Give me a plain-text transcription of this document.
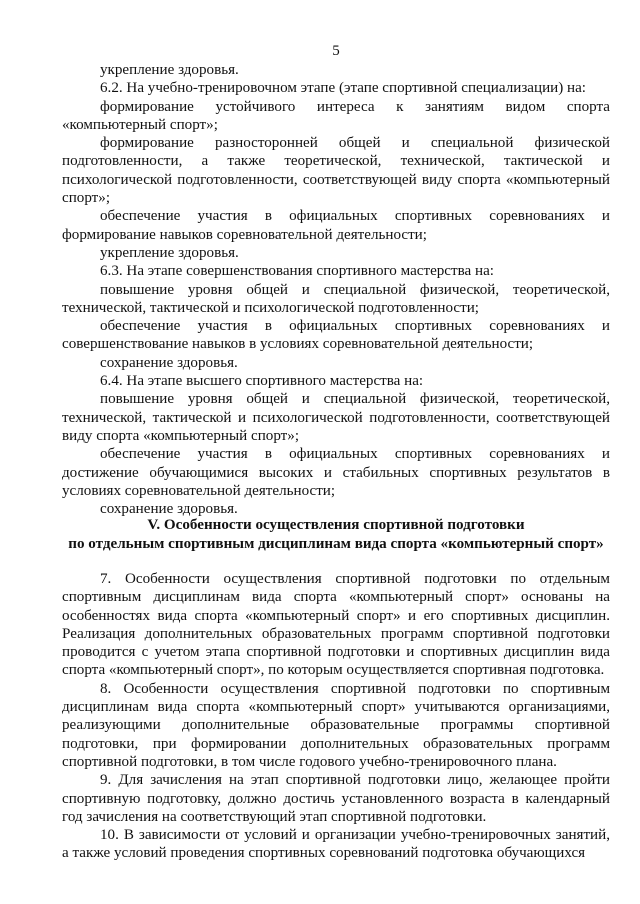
5

укрепление здоровья.

6.2. На учебно-тренировочном этапе (этапе спортивной специализации) на:

формирование устойчивого интереса к занятиям видом спорта «компьютерный спорт»;

формирование разносторонней общей и специальной физической подготовленности, а также теоретической, технической, тактической и психологической подготовленности, соответствующей виду спорта «компьютерный спорт»;

обеспечение участия в официальных спортивных соревнованиях и формирование навыков соревновательной деятельности;

укрепление здоровья.

6.3. На этапе совершенствования спортивного мастерства на:

повышение уровня общей и специальной физической, теоретической, технической, тактической и психологической подготовленности;

обеспечение участия в официальных спортивных соревнованиях и совершенствование навыков в условиях соревновательной деятельности;

сохранение здоровья.

6.4. На этапе высшего спортивного мастерства на:

повышение уровня общей и специальной физической, теоретической, технической, тактической и психологической подготовленности, соответствующей виду спорта «компьютерный спорт»;

обеспечение участия в официальных спортивных соревнованиях и достижение обучающимися высоких и стабильных спортивных результатов в условиях соревновательной деятельности;

сохранение здоровья.

V. Особенности осуществления спортивной подготовки
по отдельным спортивным дисциплинам вида спорта «компьютерный спорт»

7. Особенности осуществления спортивной подготовки по отдельным спортивным дисциплинам вида спорта «компьютерный спорт» основаны на особенностях вида спорта «компьютерный спорт» и его спортивных дисциплин. Реализация дополнительных образовательных программ спортивной подготовки проводится с учетом этапа спортивной подготовки и спортивных дисциплин вида спорта «компьютерный спорт», по которым осуществляется спортивная подготовка.

8. Особенности осуществления спортивной подготовки по спортивным дисциплинам вида спорта «компьютерный спорт» учитываются организациями, реализующими дополнительные образовательные программы спортивной подготовки, при формировании дополнительных образовательных программ спортивной подготовки, в том числе годового учебно-тренировочного плана.

9. Для зачисления на этап спортивной подготовки лицо, желающее пройти спортивную подготовку, должно достичь установленного возраста в календарный год зачисления на соответствующий этап спортивной подготовки.

10. В зависимости от условий и организации учебно-тренировочных занятий, а также условий проведения спортивных соревнований подготовка обучающихся
